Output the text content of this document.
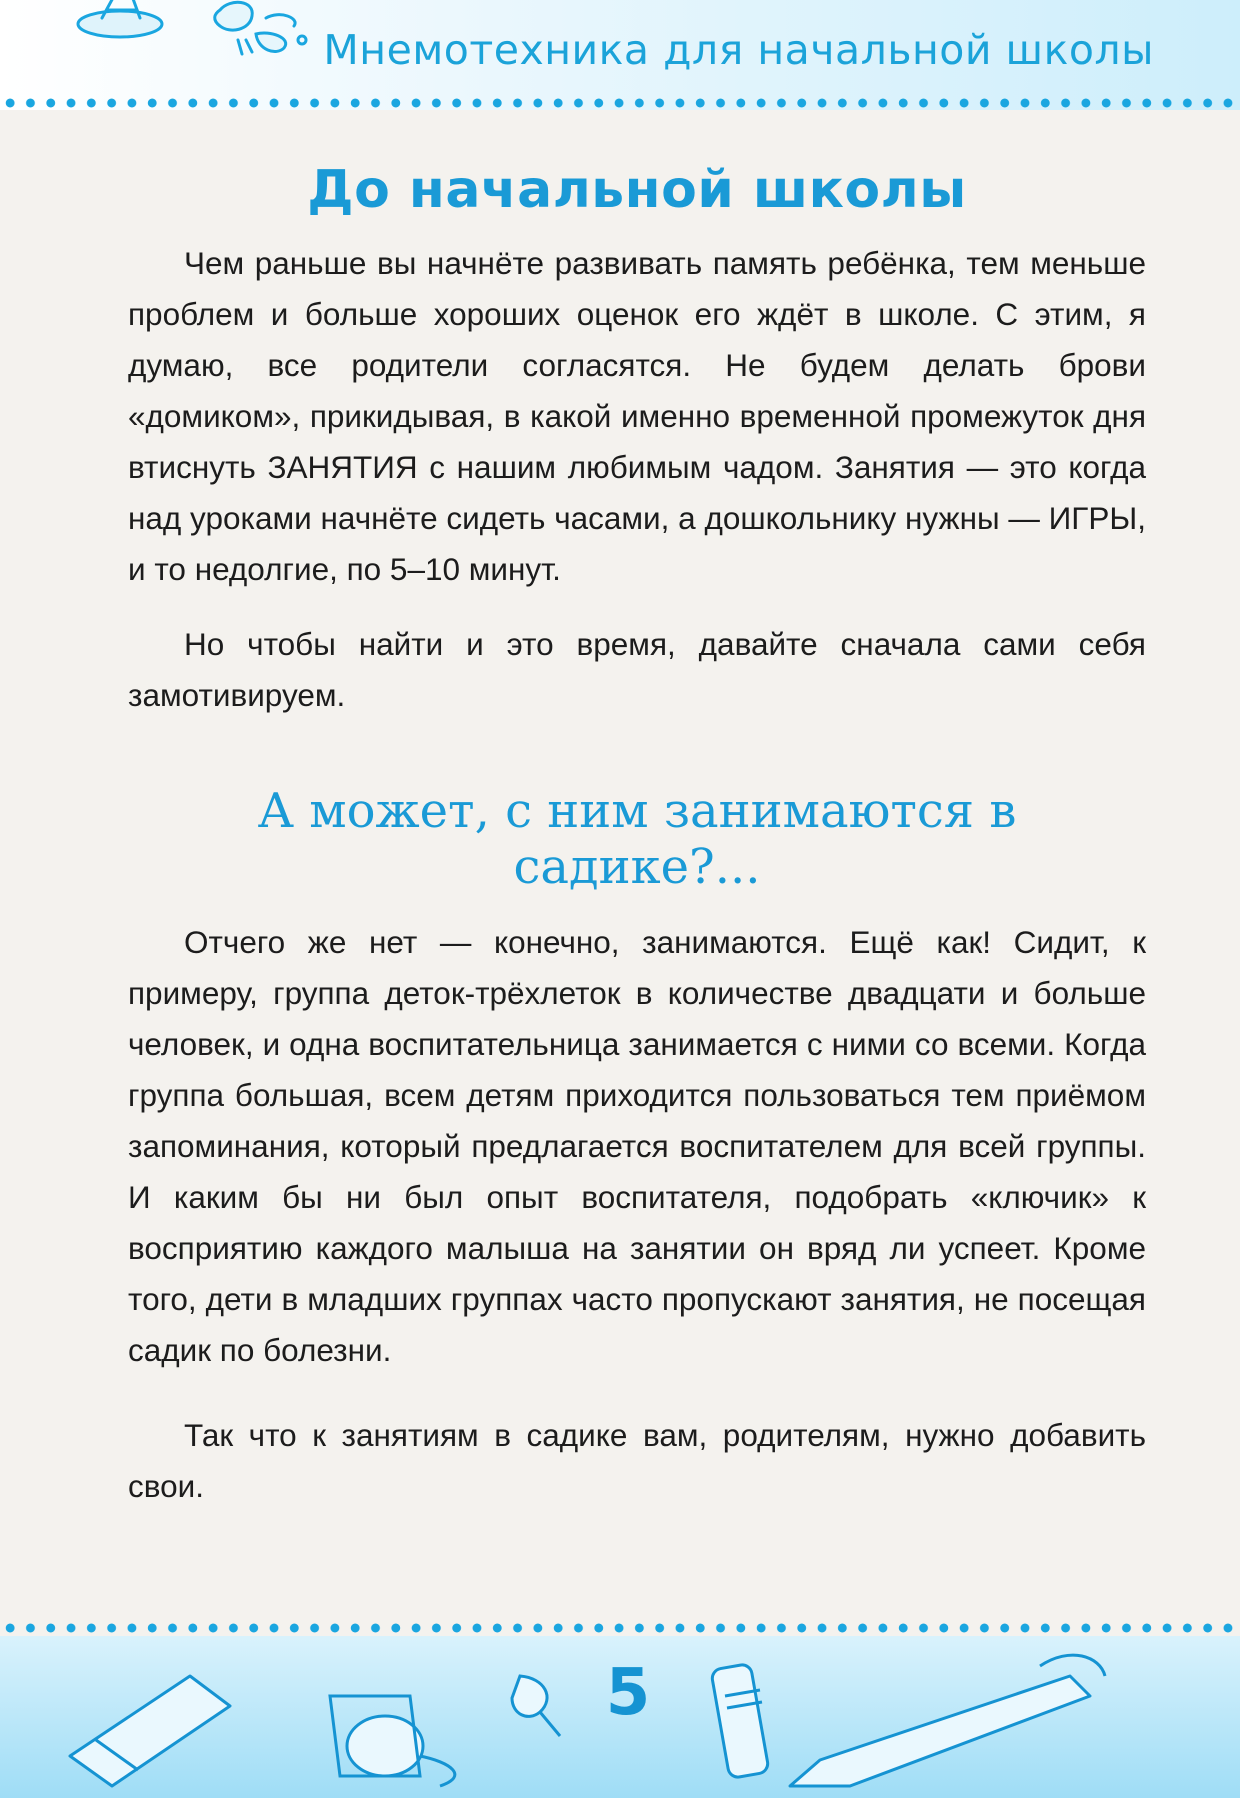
Мнемотехника для начальной школы
До начальной школы

Чем раньше вы начнёте развивать память ребёнка, тем меньше проблем и больше хороших оценок его ждёт в школе. С этим, я думаю, все родители согласятся. Не будем делать брови «домиком», прикидывая, в какой именно временной промежуток дня втиснуть ЗАНЯТИЯ с нашим любимым чадом. Занятия — это когда над уроками начнёте сидеть часами, а дошкольнику нужны — ИГРЫ, и то недолгие, по 5–10 минут.

Но чтобы найти и это время, давайте сначала сами себя замотивируем.

А может, с ним занимаются в садике?...

Отчего же нет — конечно, занимаются. Ещё как! Сидит, к примеру, группа деток-трёхлеток в количестве двадцати и больше человек, и одна воспитательница занимается с ними со всеми. Когда группа большая, всем детям приходится пользоваться тем приёмом запоминания, который предлагается воспитателем для всей группы. И каким бы ни был опыт воспитателя, подобрать «ключик» к восприятию каждого малыша на занятии он вряд ли успеет. Кроме того, дети в младших группах часто пропускают занятия, не посещая садик по болезни.

Так что к занятиям в садике вам, родителям, нужно добавить свои.

5
